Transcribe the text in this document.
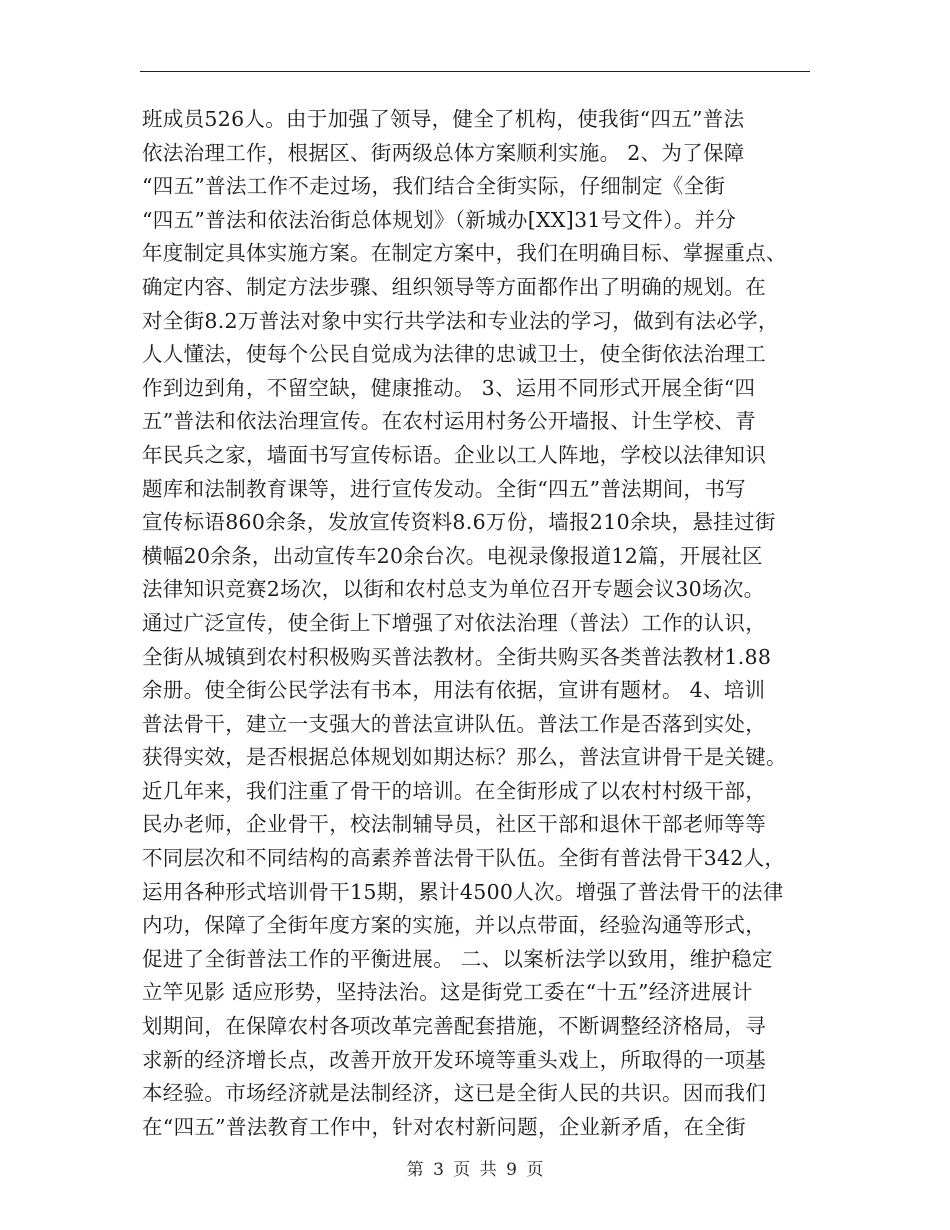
班成员526人。由于加强了领导，健全了机构，使我街“四五”普法
依法治理工作，根据区、街两级总体方案顺利实施。 2、为了保障
“四五”普法工作不走过场，我们结合全街实际，仔细制定《全街
“四五”普法和依法治街总体规划》（新城办[XX]31号文件）。并分
年度制定具体实施方案。在制定方案中，我们在明确目标、掌握重点、
确定内容、制定方法步骤、组织领导等方面都作出了明确的规划。在
对全街8.2万普法对象中实行共学法和专业法的学习，做到有法必学，
人人懂法，使每个公民自觉成为法律的忠诚卫士，使全街依法治理工
作到边到角，不留空缺，健康推动。 3、运用不同形式开展全街“四
五”普法和依法治理宣传。在农村运用村务公开墙报、计生学校、青
年民兵之家，墙面书写宣传标语。企业以工人阵地，学校以法律知识
题库和法制教育课等，进行宣传发动。全街“四五”普法期间，书写
宣传标语860余条，发放宣传资料8.6万份，墙报210余块，悬挂过街
横幅20余条，出动宣传车20余台次。电视录像报道12篇，开展社区
法律知识竞赛2场次，以街和农村总支为单位召开专题会议30场次。
通过广泛宣传，使全街上下增强了对依法治理（普法）工作的认识，
全街从城镇到农村积极购买普法教材。全街共购买各类普法教材1.88
余册。使全街公民学法有书本，用法有依据，宣讲有题材。 4、培训
普法骨干，建立一支强大的普法宣讲队伍。普法工作是否落到实处，
获得实效，是否根据总体规划如期达标？那么，普法宣讲骨干是关键。
近几年来，我们注重了骨干的培训。在全街形成了以农村村级干部，
民办老师，企业骨干，校法制辅导员，社区干部和退休干部老师等等
不同层次和不同结构的高素养普法骨干队伍。全街有普法骨干342人，
运用各种形式培训骨干15期，累计4500人次。增强了普法骨干的法律
内功，保障了全街年度方案的实施，并以点带面，经验沟通等形式，
促进了全街普法工作的平衡进展。 二、以案析法学以致用，维护稳定
立竿见影 适应形势，坚持法治。这是街党工委在“十五”经济进展计
划期间，在保障农村各项改革完善配套措施，不断调整经济格局，寻
求新的经济增长点，改善开放开发环境等重头戏上，所取得的一项基
本经验。市场经济就是法制经济，这已是全街人民的共识。因而我们
在“四五”普法教育工作中，针对农村新问题，企业新矛盾，在全街
第 3 页 共 9 页
